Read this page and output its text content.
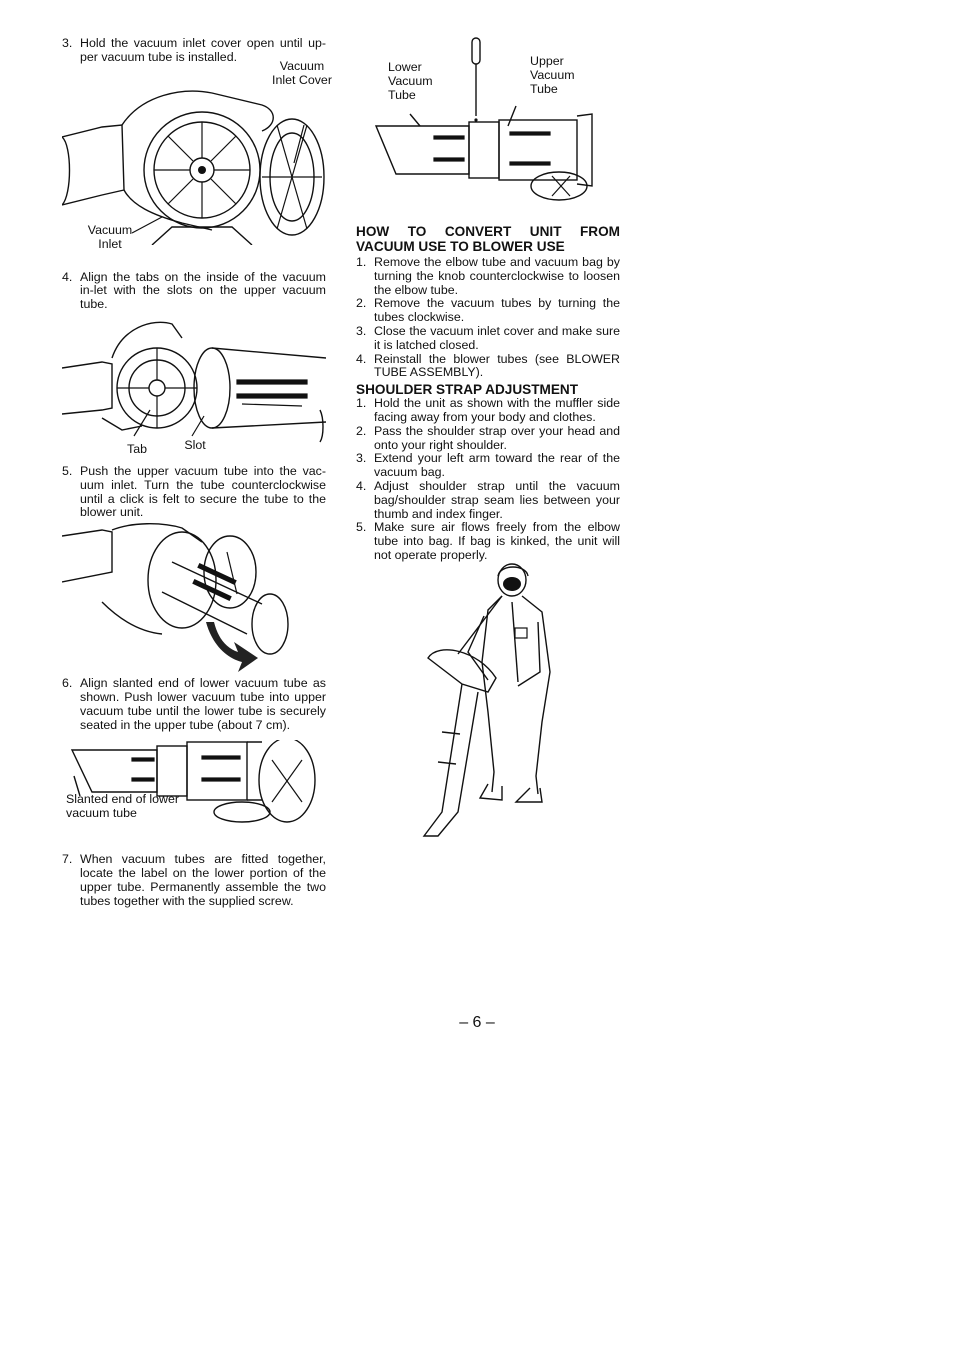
3. Hold the vacuum inlet cover open until up-per vacuum tube is installed.
Vacuum Inlet Cover
Vacuum Inlet
4. Align the tabs on the inside of the vacuum in-let with the slots on the upper vacuum tube.
Tab	Slot
5. Push the upper vacuum tube into the vac-uum inlet. Turn the tube counterclockwise until a click is felt to secure the tube to the blower unit.
6. Align slanted end of lower vacuum tube as shown. Push lower vacuum tube into upper vacuum tube until the lower tube is securely seated in the upper tube (about 7 cm).
Slanted end of lower vacuum tube
7. When vacuum tubes are fitted together, locate the label on the lower portion of the upper tube. Permanently assemble the two tubes together with the supplied screw.
Lower Vacuum Tube
Upper Vacuum Tube
HOW TO CONVERT UNIT FROM VACUUM USE TO BLOWER USE
1. Remove the elbow tube and vacuum bag by turning the knob counterclockwise to loosen the elbow tube.
2. Remove the vacuum tubes by turning the tubes clockwise.
3. Close the vacuum inlet cover and make sure it is latched closed.
4. Reinstall the blower tubes (see BLOWER TUBE ASSEMBLY).
SHOULDER STRAP ADJUSTMENT
1. Hold the unit as shown with the muffler side facing away from your body and clothes.
2. Pass the shoulder strap over your head and onto your right shoulder.
3. Extend your left arm toward the rear of the vacuum bag.
4. Adjust shoulder strap until the vacuum bag/shoulder strap seam lies between your thumb and index finger.
5. Make sure air flows freely from the elbow tube into bag. If bag is kinked, the unit will not operate properly.
– 6 –
